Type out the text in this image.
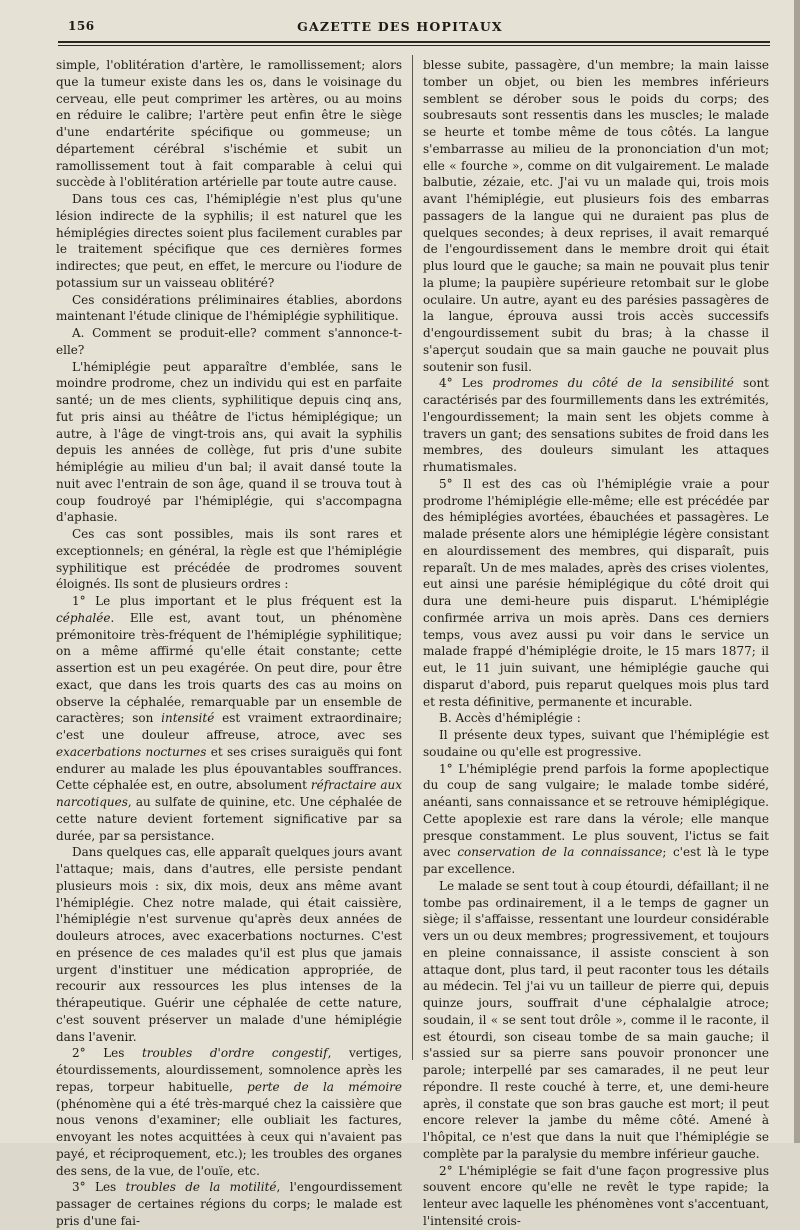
156	GAZETTE DES HOPITAUX

simple, l'oblitération d'artère, le ramollissement; alors que la tumeur existe dans les os, dans le voisinage du cerveau, elle peut comprimer les artères, ou au moins en réduire le calibre; l'artère peut enfin être le siège d'une endartérite spécifique ou gommeuse; un département cérébral s'ischémie et subit un ramollissement tout à fait comparable à celui qui succède à l'oblitération artérielle par toute autre cause.

Dans tous ces cas, l'hémiplégie n'est plus qu'une lésion indirecte de la syphilis; il est naturel que les hémiplégies directes soient plus facilement curables par le traitement spécifique que ces dernières formes indirectes; que peut, en effet, le mercure ou l'iodure de potassium sur un vaisseau oblitéré?

Ces considérations préliminaires établies, abordons maintenant l'étude clinique de l'hémiplégie syphilitique.

A. Comment se produit-elle? comment s'annonce-t-elle?

L'hémiplégie peut apparaître d'emblée, sans le moindre prodrome, chez un individu qui est en parfaite santé; un de mes clients, syphilitique depuis cinq ans, fut pris ainsi au théâtre de l'ictus hémiplégique; un autre, à l'âge de vingt-trois ans, qui avait la syphilis depuis les années de collège, fut pris d'une subite hémiplégie au milieu d'un bal; il avait dansé toute la nuit avec l'entrain de son âge, quand il se trouva tout à coup foudroyé par l'hémiplégie, qui s'accompagna d'aphasie.

Ces cas sont possibles, mais ils sont rares et exceptionnels; en général, la règle est que l'hémiplégie syphilitique est précédée de prodromes souvent éloignés. Ils sont de plusieurs ordres :

1° Le plus important et le plus fréquent est la céphalée. Elle est, avant tout, un phénomène prémonitoire très-fréquent de l'hémiplégie syphilitique; on a même affirmé qu'elle était constante; cette assertion est un peu exagérée. On peut dire, pour être exact, que dans les trois quarts des cas au moins on observe la céphalée, remarquable par un ensemble de caractères; son intensité est vraiment extraordinaire; c'est une douleur affreuse, atroce, avec ses exacerbations nocturnes et ses crises suraiguës qui font endurer au malade les plus épouvantables souffrances. Cette céphalée est, en outre, absolument réfractaire aux narcotiques, au sulfate de quinine, etc. Une céphalée de cette nature devient fortement significative par sa durée, par sa persistance.

Dans quelques cas, elle apparaît quelques jours avant l'attaque; mais, dans d'autres, elle persiste pendant plusieurs mois : six, dix mois, deux ans même avant l'hémiplégie. Chez notre malade, qui était caissière, l'hémiplégie n'est survenue qu'après deux années de douleurs atroces, avec exacerbations nocturnes. C'est en présence de ces malades qu'il est plus que jamais urgent d'instituer une médication appropriée, de recourir aux ressources les plus intenses de la thérapeutique. Guérir une céphalée de cette nature, c'est souvent préserver un malade d'une hémiplégie dans l'avenir.

2° Les troubles d'ordre congestif, vertiges, étourdissements, alourdissement, somnolence après les repas, torpeur habituelle, perte de la mémoire (phénomène qui a été très-marqué chez la caissière que nous venons d'examiner; elle oubliait les factures, envoyant les notes acquittées à ceux qui n'avaient pas payé, et réciproquement, etc.); les troubles des organes des sens, de la vue, de l'ouïe, etc.

3° Les troubles de la motilité, l'engourdissement passager de certaines régions du corps; le malade est pris d'une fai-

blesse subite, passagère, d'un membre; la main laisse tomber un objet, ou bien les membres inférieurs semblent se dérober sous le poids du corps; des soubresauts sont ressentis dans les muscles; le malade se heurte et tombe même de tous côtés. La langue s'embarrasse au milieu de la prononciation d'un mot; elle « fourche », comme on dit vulgairement. Le malade balbutie, zézaie, etc. J'ai vu un malade qui, trois mois avant l'hémiplégie, eut plusieurs fois des embarras passagers de la langue qui ne duraient pas plus de quelques secondes; à deux reprises, il avait remarqué de l'engourdissement dans le membre droit qui était plus lourd que le gauche; sa main ne pouvait plus tenir la plume; la paupière supérieure retombait sur le globe oculaire. Un autre, ayant eu des parésies passagères de la langue, éprouva aussi trois accès successifs d'engourdissement subit du bras; à la chasse il s'aperçut soudain que sa main gauche ne pouvait plus soutenir son fusil.

4° Les prodromes du côté de la sensibilité sont caractérisés par des fourmillements dans les extrémités, l'engourdissement; la main sent les objets comme à travers un gant; des sensations subites de froid dans les membres, des douleurs simulant les attaques rhumatismales.

5° Il est des cas où l'hémiplégie vraie a pour prodrome l'hémiplégie elle-même; elle est précédée par des hémiplégies avortées, ébauchées et passagères. Le malade présente alors une hémiplégie légère consistant en alourdissement des membres, qui disparaît, puis reparaît. Un de mes malades, après des crises violentes, eut ainsi une parésie hémiplégique du côté droit qui dura une demi-heure puis disparut. L'hémiplégie confirmée arriva un mois après. Dans ces derniers temps, vous avez aussi pu voir dans le service un malade frappé d'hémiplégie droite, le 15 mars 1877; il eut, le 11 juin suivant, une hémiplégie gauche qui disparut d'abord, puis reparut quelques mois plus tard et resta définitive, permanente et incurable.

B. Accès d'hémiplégie :

Il présente deux types, suivant que l'hémiplégie est soudaine ou qu'elle est progressive.

1° L'hémiplégie prend parfois la forme apoplectique du coup de sang vulgaire; le malade tombe sidéré, anéanti, sans connaissance et se retrouve hémiplégique. Cette apoplexie est rare dans la vérole; elle manque presque constamment. Le plus souvent, l'ictus se fait avec conservation de la connaissance; c'est là le type par excellence.

Le malade se sent tout à coup étourdi, défaillant; il ne tombe pas ordinairement, il a le temps de gagner un siège; il s'affaisse, ressentant une lourdeur considérable vers un ou deux membres; progressivement, et toujours en pleine connaissance, il assiste conscient à son attaque dont, plus tard, il peut raconter tous les détails au médecin. Tel j'ai vu un tailleur de pierre qui, depuis quinze jours, souffrait d'une céphalalgie atroce; soudain, il « se sent tout drôle », comme il le raconte, il est étourdi, son ciseau tombe de sa main gauche; il s'assied sur sa pierre sans pouvoir prononcer une parole; interpellé par ses camarades, il ne peut leur répondre. Il reste couché à terre, et, une demi-heure après, il constate que son bras gauche est mort; il peut encore relever la jambe du même côté. Amené à l'hôpital, ce n'est que dans la nuit que l'hémiplégie se complète par la paralysie du membre inférieur gauche.

2° L'hémiplégie se fait d'une façon progressive plus souvent encore qu'elle ne revêt le type rapide; la lenteur avec laquelle les phénomènes vont s'accentuant, l'intensité crois-
